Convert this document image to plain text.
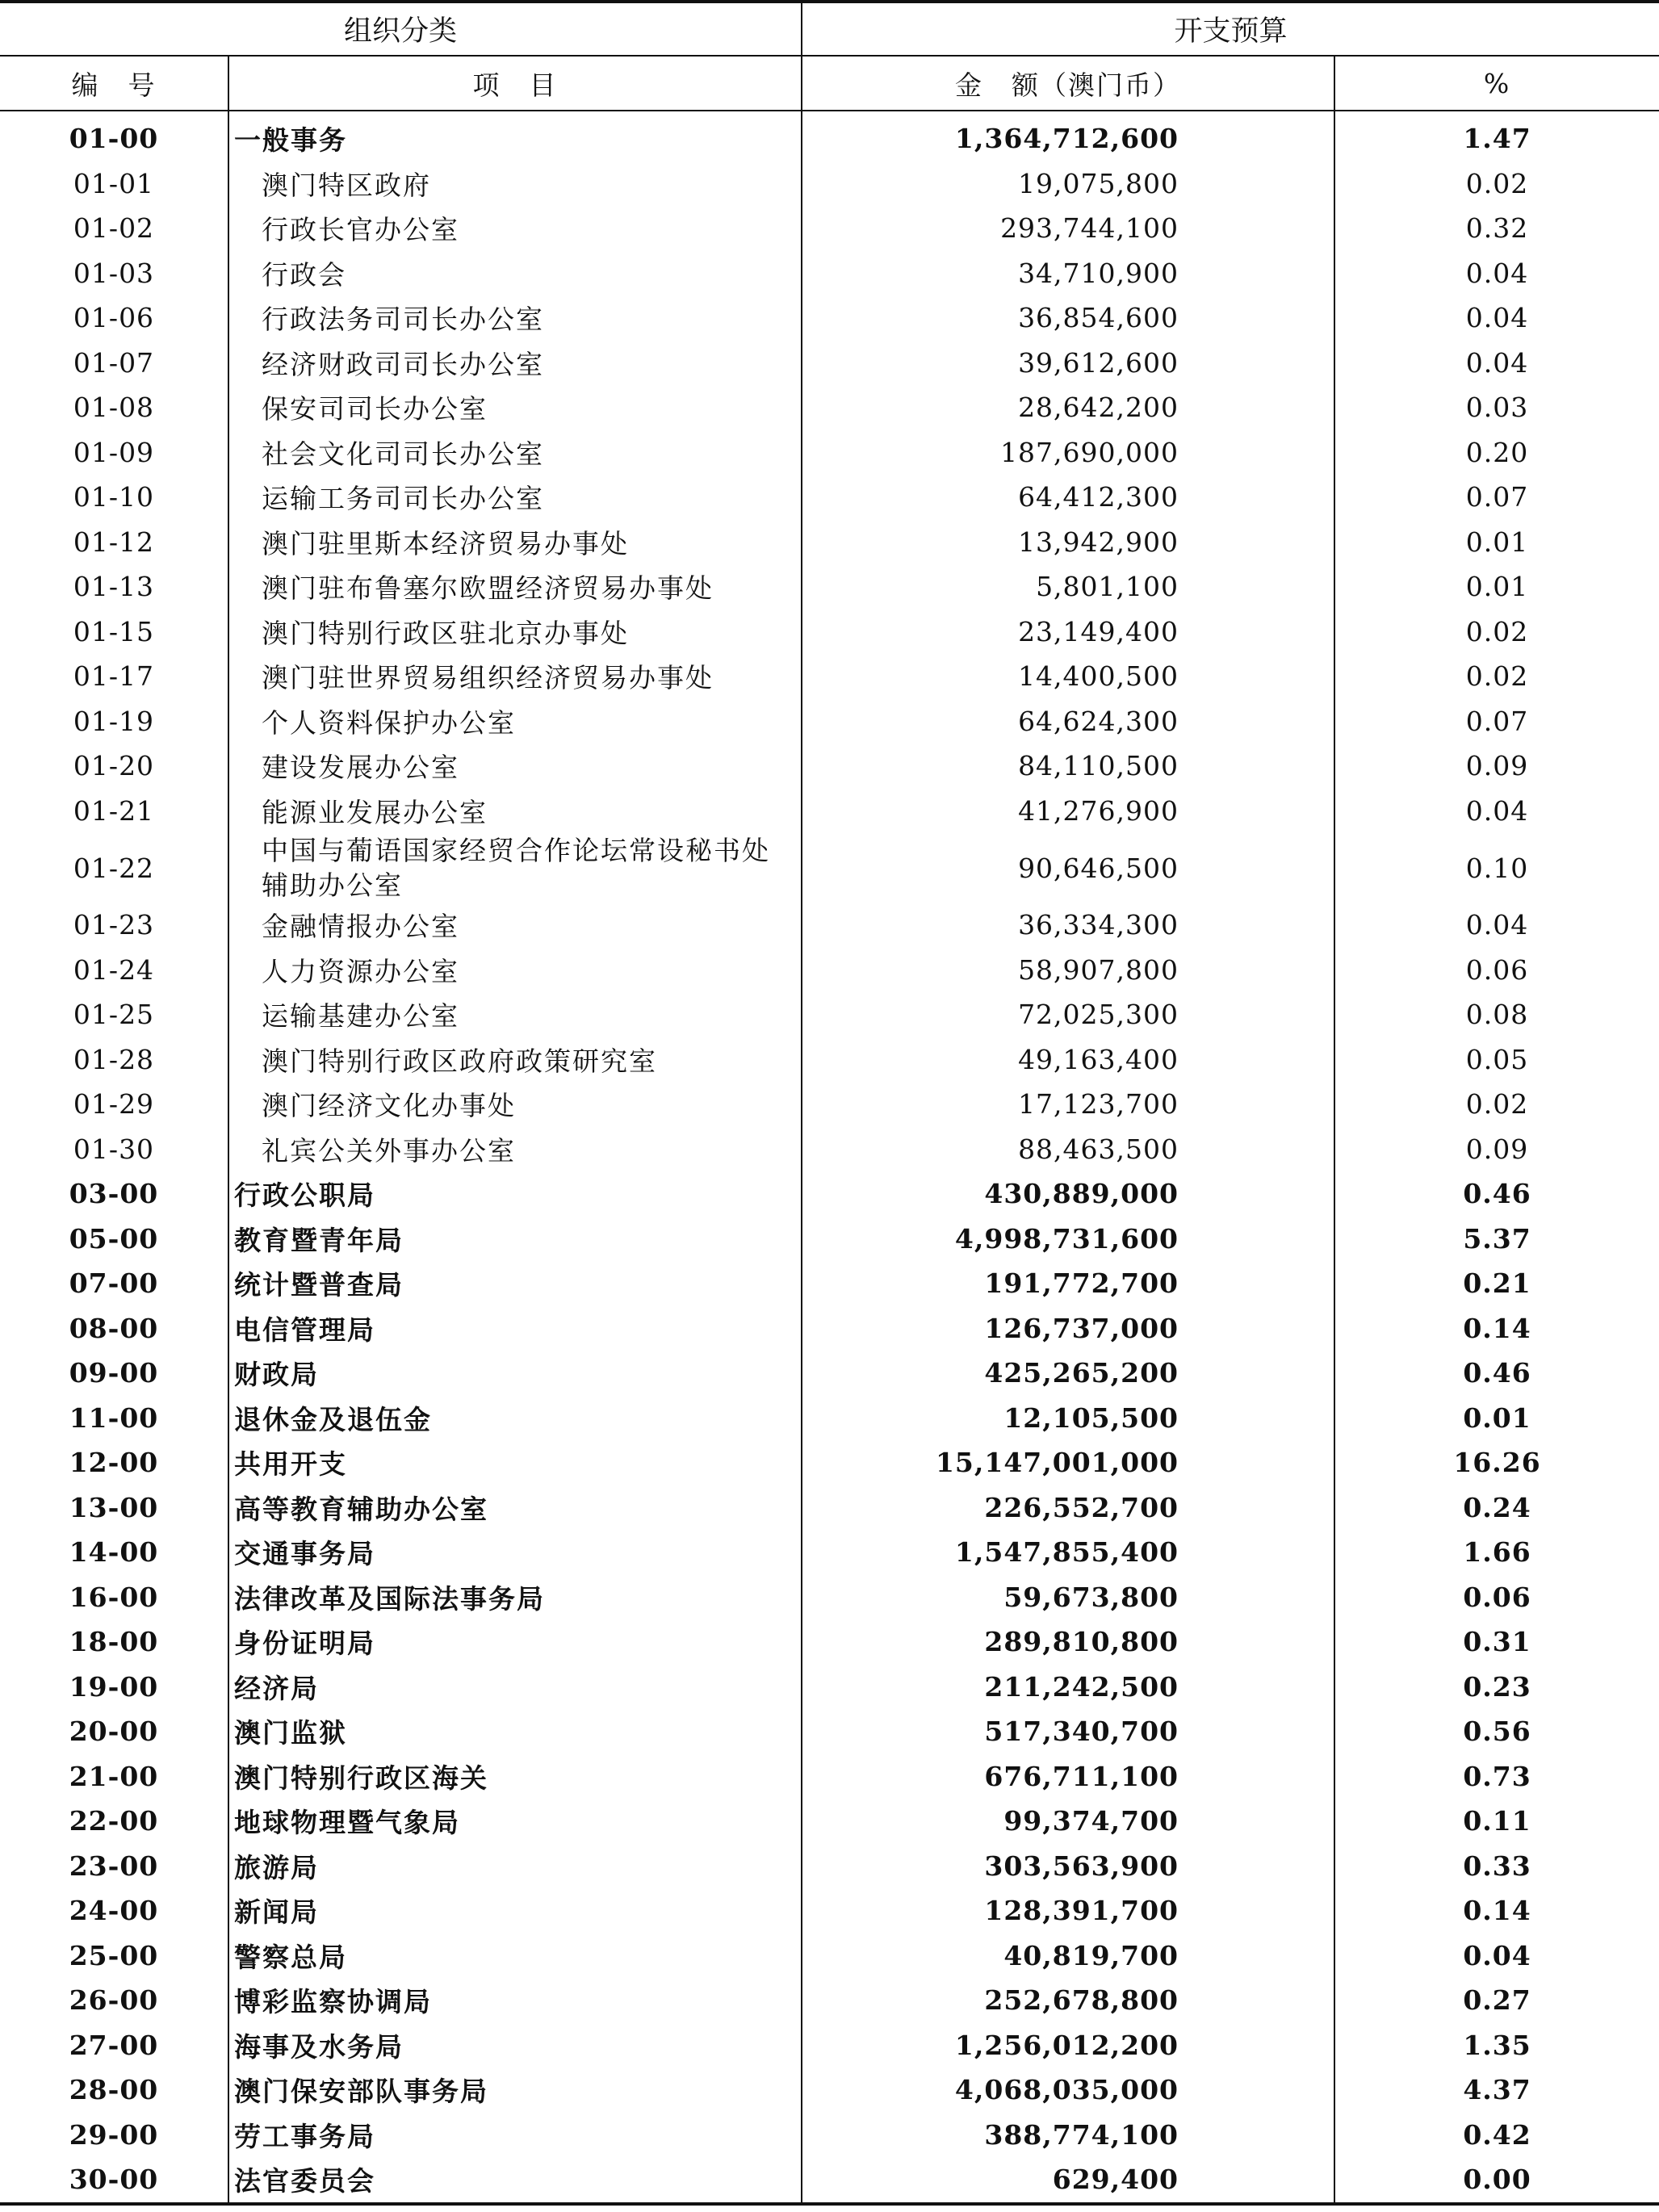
组织分类		开支预算	
编　号	项　目	金　额（澳门币）	%
01-00	一般事务	1,364,712,600	1.47
01-01	澳门特区政府	19,075,800	0.02
01-02	行政长官办公室	293,744,100	0.32
01-03	行政会	34,710,900	0.04
01-06	行政法务司司长办公室	36,854,600	0.04
01-07	经济财政司司长办公室	39,612,600	0.04
01-08	保安司司长办公室	28,642,200	0.03
01-09	社会文化司司长办公室	187,690,000	0.20
01-10	运输工务司司长办公室	64,412,300	0.07
01-12	澳门驻里斯本经济贸易办事处	13,942,900	0.01
01-13	澳门驻布鲁塞尔欧盟经济贸易办事处	5,801,100	0.01
01-15	澳门特别行政区驻北京办事处	23,149,400	0.02
01-17	澳门驻世界贸易组织经济贸易办事处	14,400,500	0.02
01-19	个人资料保护办公室	64,624,300	0.07
01-20	建设发展办公室	84,110,500	0.09
01-21	能源业发展办公室	41,276,900	0.04
01-22	中国与葡语国家经贸合作论坛常设秘书处辅助办公室	90,646,500	0.10
01-23	金融情报办公室	36,334,300	0.04
01-24	人力资源办公室	58,907,800	0.06
01-25	运输基建办公室	72,025,300	0.08
01-28	澳门特别行政区政府政策研究室	49,163,400	0.05
01-29	澳门经济文化办事处	17,123,700	0.02
01-30	礼宾公关外事办公室	88,463,500	0.09
03-00	行政公职局	430,889,000	0.46
05-00	教育暨青年局	4,998,731,600	5.37
07-00	统计暨普查局	191,772,700	0.21
08-00	电信管理局	126,737,000	0.14
09-00	财政局	425,265,200	0.46
11-00	退休金及退伍金	12,105,500	0.01
12-00	共用开支	15,147,001,000	16.26
13-00	高等教育辅助办公室	226,552,700	0.24
14-00	交通事务局	1,547,855,400	1.66
16-00	法律改革及国际法事务局	59,673,800	0.06
18-00	身份证明局	289,810,800	0.31
19-00	经济局	211,242,500	0.23
20-00	澳门监狱	517,340,700	0.56
21-00	澳门特别行政区海关	676,711,100	0.73
22-00	地球物理暨气象局	99,374,700	0.11
23-00	旅游局	303,563,900	0.33
24-00	新闻局	128,391,700	0.14
25-00	警察总局	40,819,700	0.04
26-00	博彩监察协调局	252,678,800	0.27
27-00	海事及水务局	1,256,012,200	1.35
28-00	澳门保安部队事务局	4,068,035,000	4.37
29-00	劳工事务局	388,774,100	0.42
30-00	法官委员会	629,400	0.00
